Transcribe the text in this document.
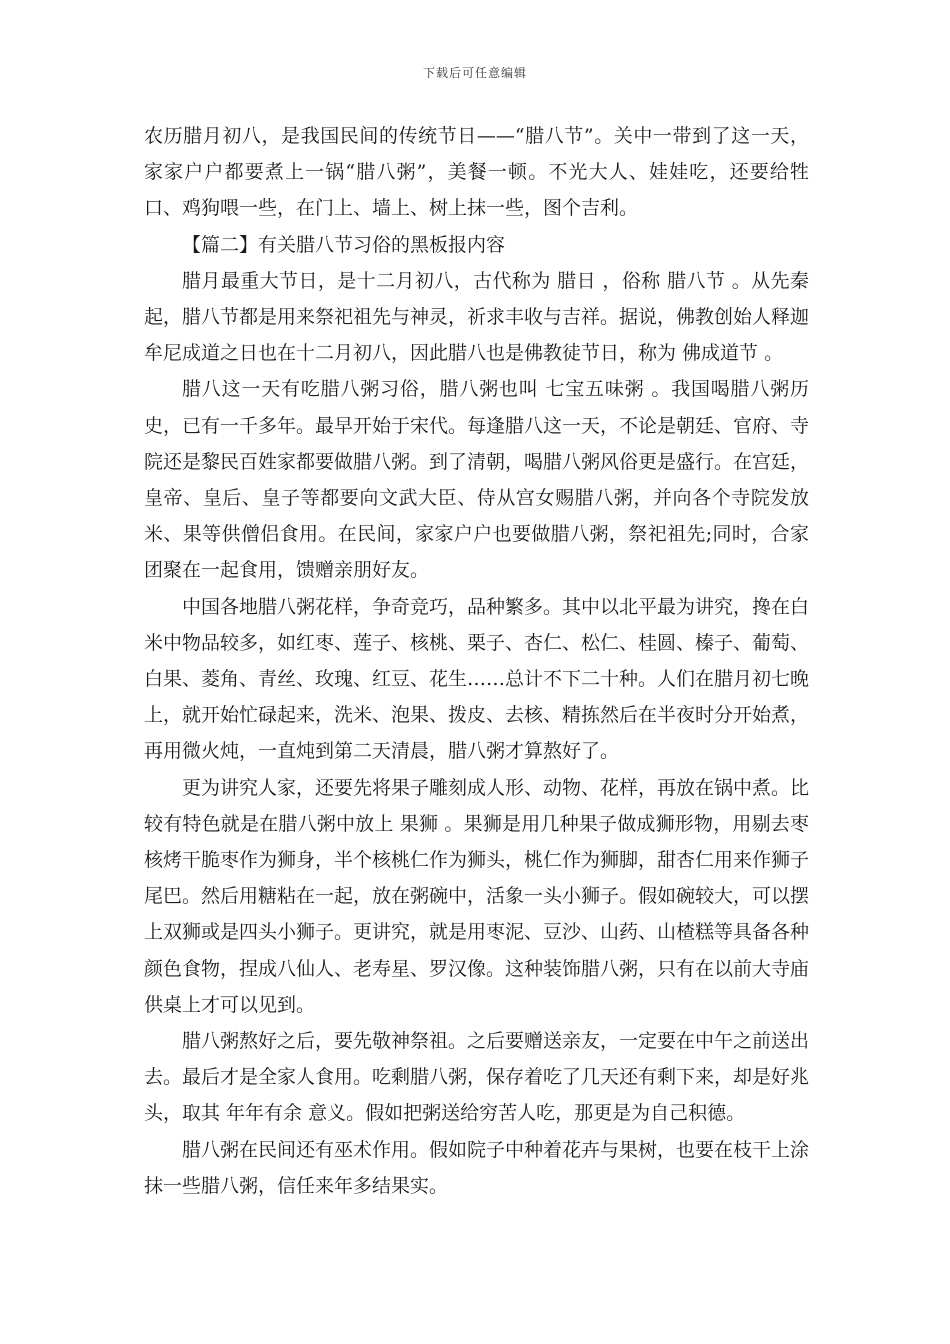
下载后可任意编辑

农历腊月初八，是我国民间的传统节日——“腊八节”。关中一带到了这一天，家家户户都要煮上一锅“腊八粥”，美餐一顿。不光大人、娃娃吃，还要给牲口、鸡狗喂一些，在门上、墙上、树上抹一些，图个吉利。

【篇二】有关腊八节习俗的黑板报内容

腊月最重大节日，是十二月初八，古代称为 腊日 ，俗称 腊八节 。从先秦起，腊八节都是用来祭祀祖先与神灵，祈求丰收与吉祥。据说，佛教创始人释迦牟尼成道之日也在十二月初八，因此腊八也是佛教徒节日，称为 佛成道节 。

腊八这一天有吃腊八粥习俗，腊八粥也叫 七宝五味粥 。我国喝腊八粥历史，已有一千多年。最早开始于宋代。每逢腊八这一天，不论是朝廷、官府、寺院还是黎民百姓家都要做腊八粥。到了清朝，喝腊八粥风俗更是盛行。在宫廷，皇帝、皇后、皇子等都要向文武大臣、侍从宫女赐腊八粥，并向各个寺院发放米、果等供僧侣食用。在民间，家家户户也要做腊八粥，祭祀祖先;同时，合家团聚在一起食用，馈赠亲朋好友。

中国各地腊八粥花样，争奇竞巧，品种繁多。其中以北平最为讲究，搀在白米中物品较多，如红枣、莲子、核桃、栗子、杏仁、松仁、桂圆、榛子、葡萄、白果、菱角、青丝、玫瑰、红豆、花生……总计不下二十种。人们在腊月初七晚上，就开始忙碌起来，洗米、泡果、拨皮、去核、精拣然后在半夜时分开始煮，再用微火炖，一直炖到第二天清晨，腊八粥才算熬好了。

更为讲究人家，还要先将果子雕刻成人形、动物、花样，再放在锅中煮。比较有特色就是在腊八粥中放上 果狮 。果狮是用几种果子做成狮形物，用剔去枣核烤干脆枣作为狮身，半个核桃仁作为狮头，桃仁作为狮脚，甜杏仁用来作狮子尾巴。然后用糖粘在一起，放在粥碗中，活象一头小狮子。假如碗较大，可以摆上双狮或是四头小狮子。更讲究，就是用枣泥、豆沙、山药、山楂糕等具备各种颜色食物，捏成八仙人、老寿星、罗汉像。这种装饰腊八粥，只有在以前大寺庙供桌上才可以见到。

腊八粥熬好之后，要先敬神祭祖。之后要赠送亲友，一定要在中午之前送出去。最后才是全家人食用。吃剩腊八粥，保存着吃了几天还有剩下来，却是好兆头，取其 年年有余 意义。假如把粥送给穷苦人吃，那更是为自己积德。

腊八粥在民间还有巫术作用。假如院子中种着花卉与果树，也要在枝干上涂抹一些腊八粥，信任来年多结果实。
